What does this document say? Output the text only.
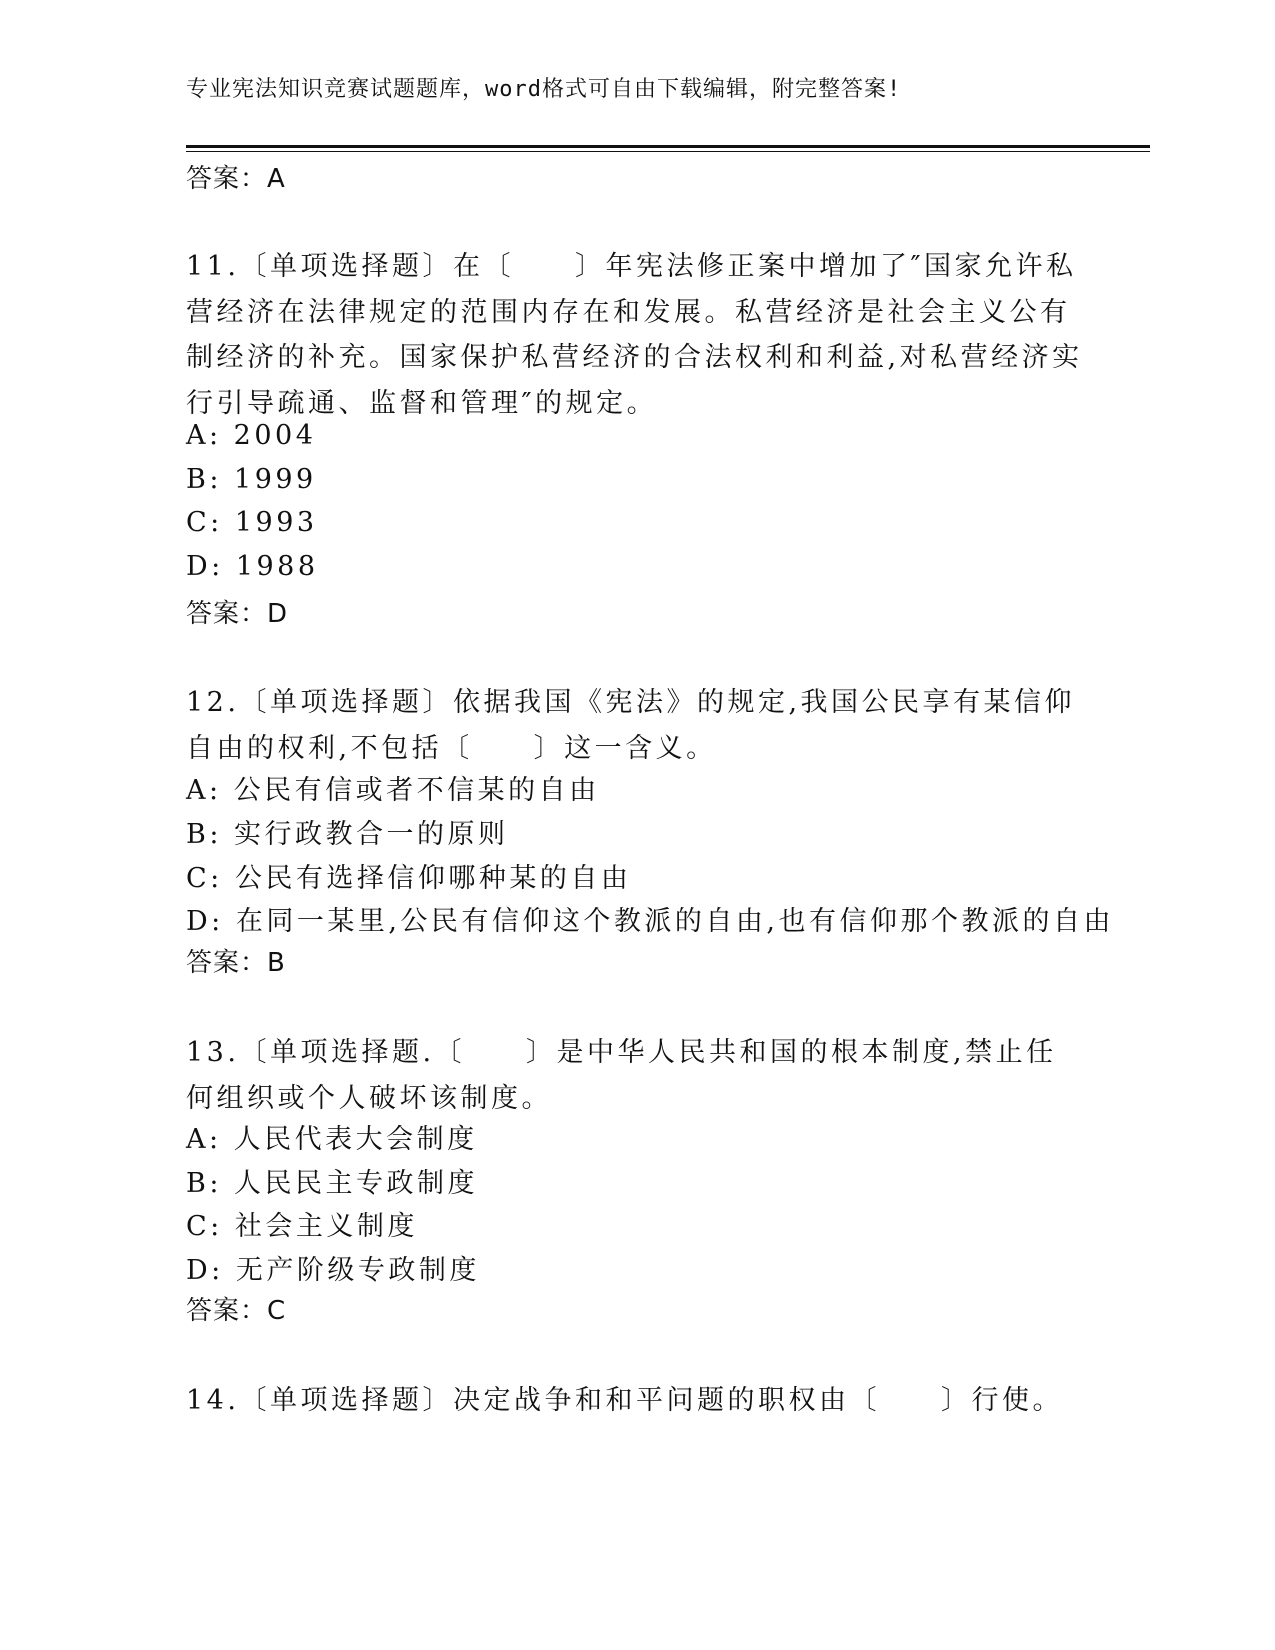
专业宪法知识竞赛试题题库，word格式可自由下载编辑，附完整答案!
答案：A
11.〔单项选择题〕在〔　　〕年宪法修正案中增加了″国家允许私营经济在法律规定的范围内存在和发展。私营经济是社会主义公有制经济的补充。国家保护私营经济的合法权利和利益,对私营经济实行引导疏通、监督和管理″的规定。
A: 2004
B: 1999
C: 1993
D: 1988
答案：D
12.〔单项选择题〕依据我国《宪法》的规定,我国公民享有某信仰自由的权利,不包括〔　　〕这一含义。
A: 公民有信或者不信某的自由
B: 实行政教合一的原则
C: 公民有选择信仰哪种某的自由
D: 在同一某里,公民有信仰这个教派的自由,也有信仰那个教派的自由
答案：B
13.〔单项选择题.〔　　〕是中华人民共和国的根本制度,禁止任何组织或个人破坏该制度。
A: 人民代表大会制度
B: 人民民主专政制度
C: 社会主义制度
D: 无产阶级专政制度
答案：C
14.〔单项选择题〕决定战争和和平问题的职权由〔　　〕行使。
